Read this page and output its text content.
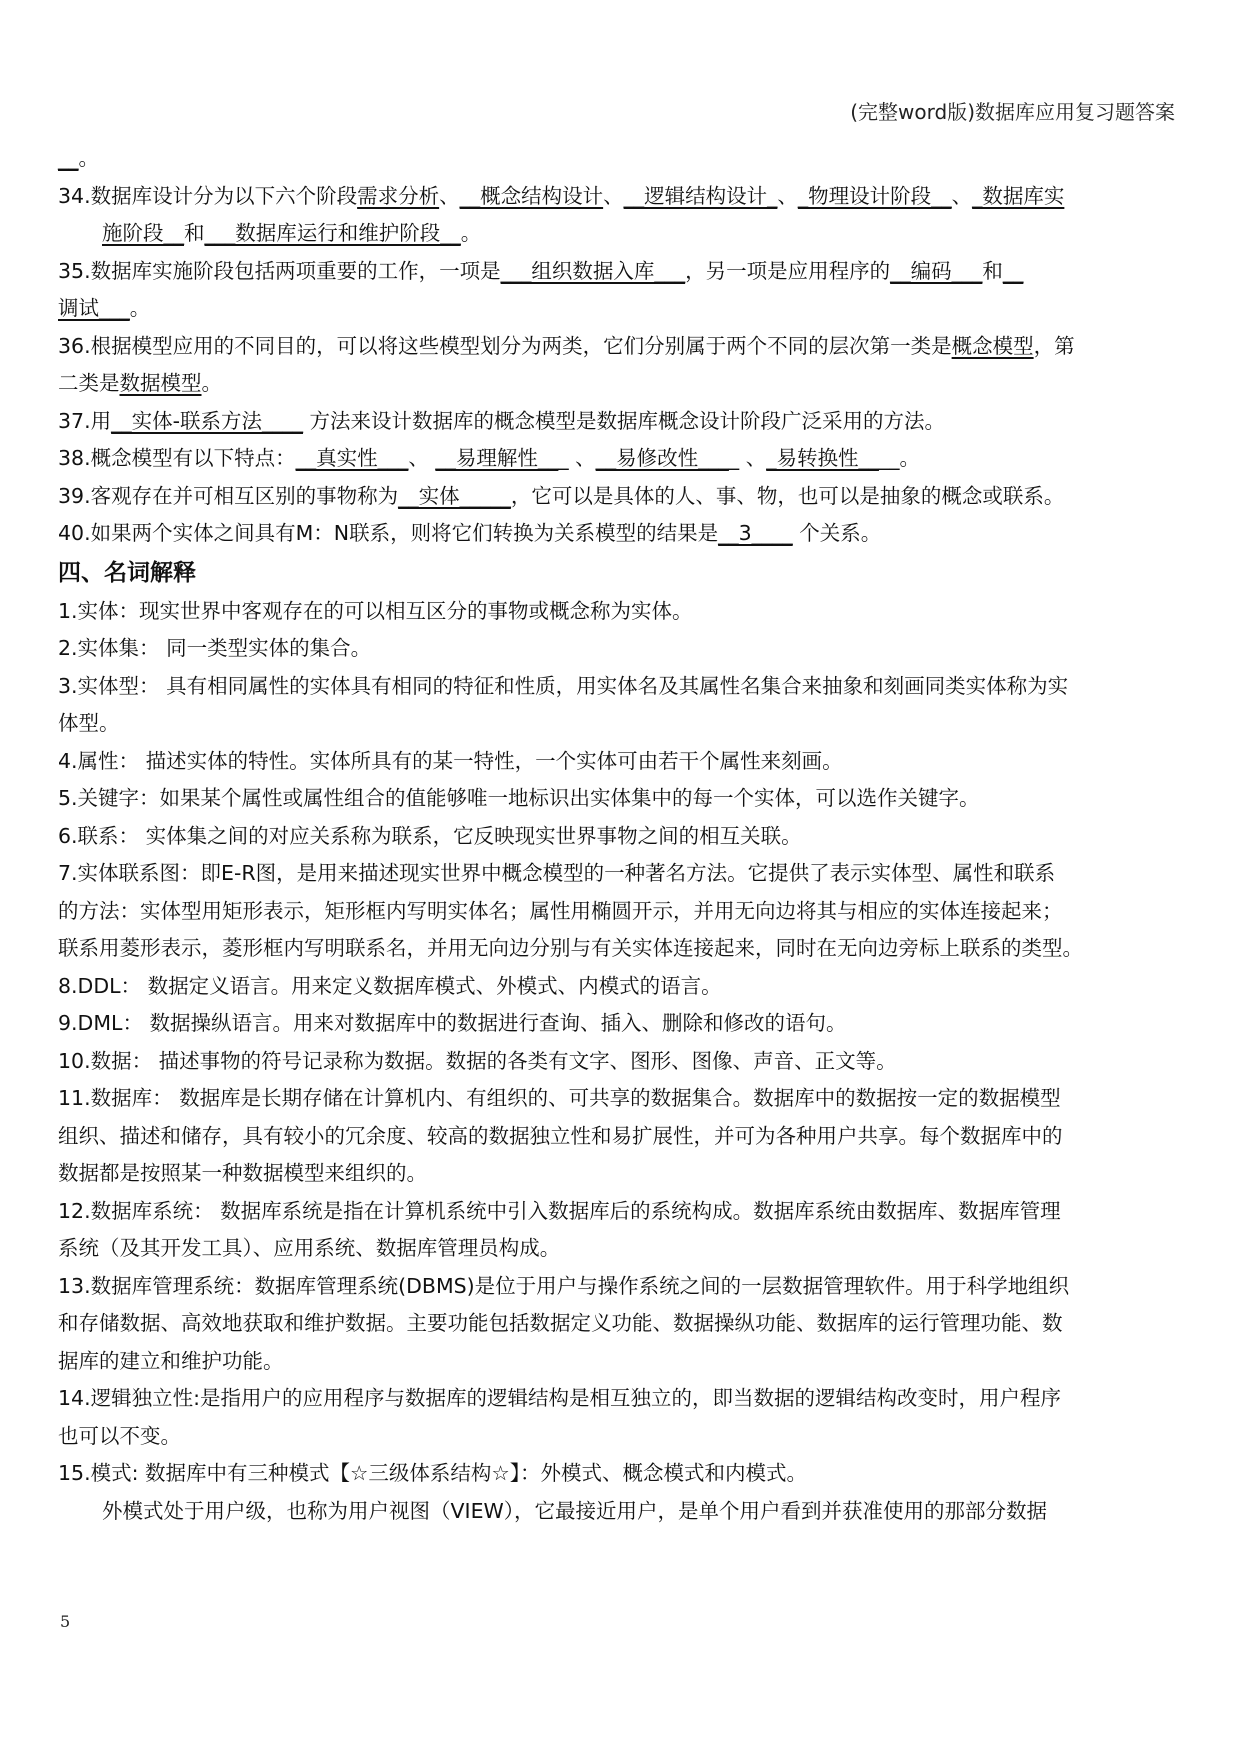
(完整word版)数据库应用复习题答案
__。
34.数据库设计分为以下六个阶段需求分析、__概念结构设计、__逻辑结构设计_、_物理设计阶段__、_数据库实
施阶段__和___数据库运行和维护阶段__。
35.数据库实施阶段包括两项重要的工作，一项是___组织数据入库___，另一项是应用程序的__编码___和__
调试___。
36.根据模型应用的不同目的，可以将这些模型划分为两类，它们分别属于两个不同的层次第一类是概念模型，第
二类是数据模型。
37.用__实体-联系方法____ 方法来设计数据库的概念模型是数据库概念设计阶段广泛采用的方法。
38.概念模型有以下特点：__真实性___、 __易理解性___ 、__易修改性____ 、_易转换性____。
39.客观存在并可相互区别的事物称为__实体_____，它可以是具体的人、事、物，也可以是抽象的概念或联系。
40.如果两个实体之间具有M：N联系，则将它们转换为关系模型的结果是__3____ 个关系。
四、名词解释
1.实体：现实世界中客观存在的可以相互区分的事物或概念称为实体。
2.实体集： 同一类型实体的集合。
3.实体型： 具有相同属性的实体具有相同的特征和性质，用实体名及其属性名集合来抽象和刻画同类实体称为实
体型。
4.属性： 描述实体的特性。实体所具有的某一特性，一个实体可由若干个属性来刻画。
5.关键字：如果某个属性或属性组合的值能够唯一地标识出实体集中的每一个实体，可以选作关键字。
6.联系： 实体集之间的对应关系称为联系，它反映现实世界事物之间的相互关联。
7.实体联系图：即E-R图，是用来描述现实世界中概念模型的一种著名方法。它提供了表示实体型、属性和联系
的方法：实体型用矩形表示，矩形框内写明实体名；属性用椭圆开示，并用无向边将其与相应的实体连接起来；
联系用菱形表示，菱形框内写明联系名，并用无向边分别与有关实体连接起来，同时在无向边旁标上联系的类型。
8.DDL： 数据定义语言。用来定义数据库模式、外模式、内模式的语言。
9.DML： 数据操纵语言。用来对数据库中的数据进行查询、插入、删除和修改的语句。
10.数据： 描述事物的符号记录称为数据。数据的各类有文字、图形、图像、声音、正文等。
11.数据库： 数据库是长期存储在计算机内、有组织的、可共享的数据集合。数据库中的数据按一定的数据模型
组织、描述和储存，具有较小的冗余度、较高的数据独立性和易扩展性，并可为各种用户共享。每个数据库中的
数据都是按照某一种数据模型来组织的。
12.数据库系统： 数据库系统是指在计算机系统中引入数据库后的系统构成。数据库系统由数据库、数据库管理
系统（及其开发工具）、应用系统、数据库管理员构成。
13.数据库管理系统：数据库管理系统(DBMS)是位于用户与操作系统之间的一层数据管理软件。用于科学地组织
和存储数据、高效地获取和维护数据。主要功能包括数据定义功能、数据操纵功能、数据库的运行管理功能、数
据库的建立和维护功能。
14.逻辑独立性:是指用户的应用程序与数据库的逻辑结构是相互独立的，即当数据的逻辑结构改变时，用户程序
也可以不变。
15.模式: 数据库中有三种模式【☆三级体系结构☆】：外模式、概念模式和内模式。
外模式处于用户级，也称为用户视图（VIEW），它最接近用户，是单个用户看到并获准使用的那部分数据
5
